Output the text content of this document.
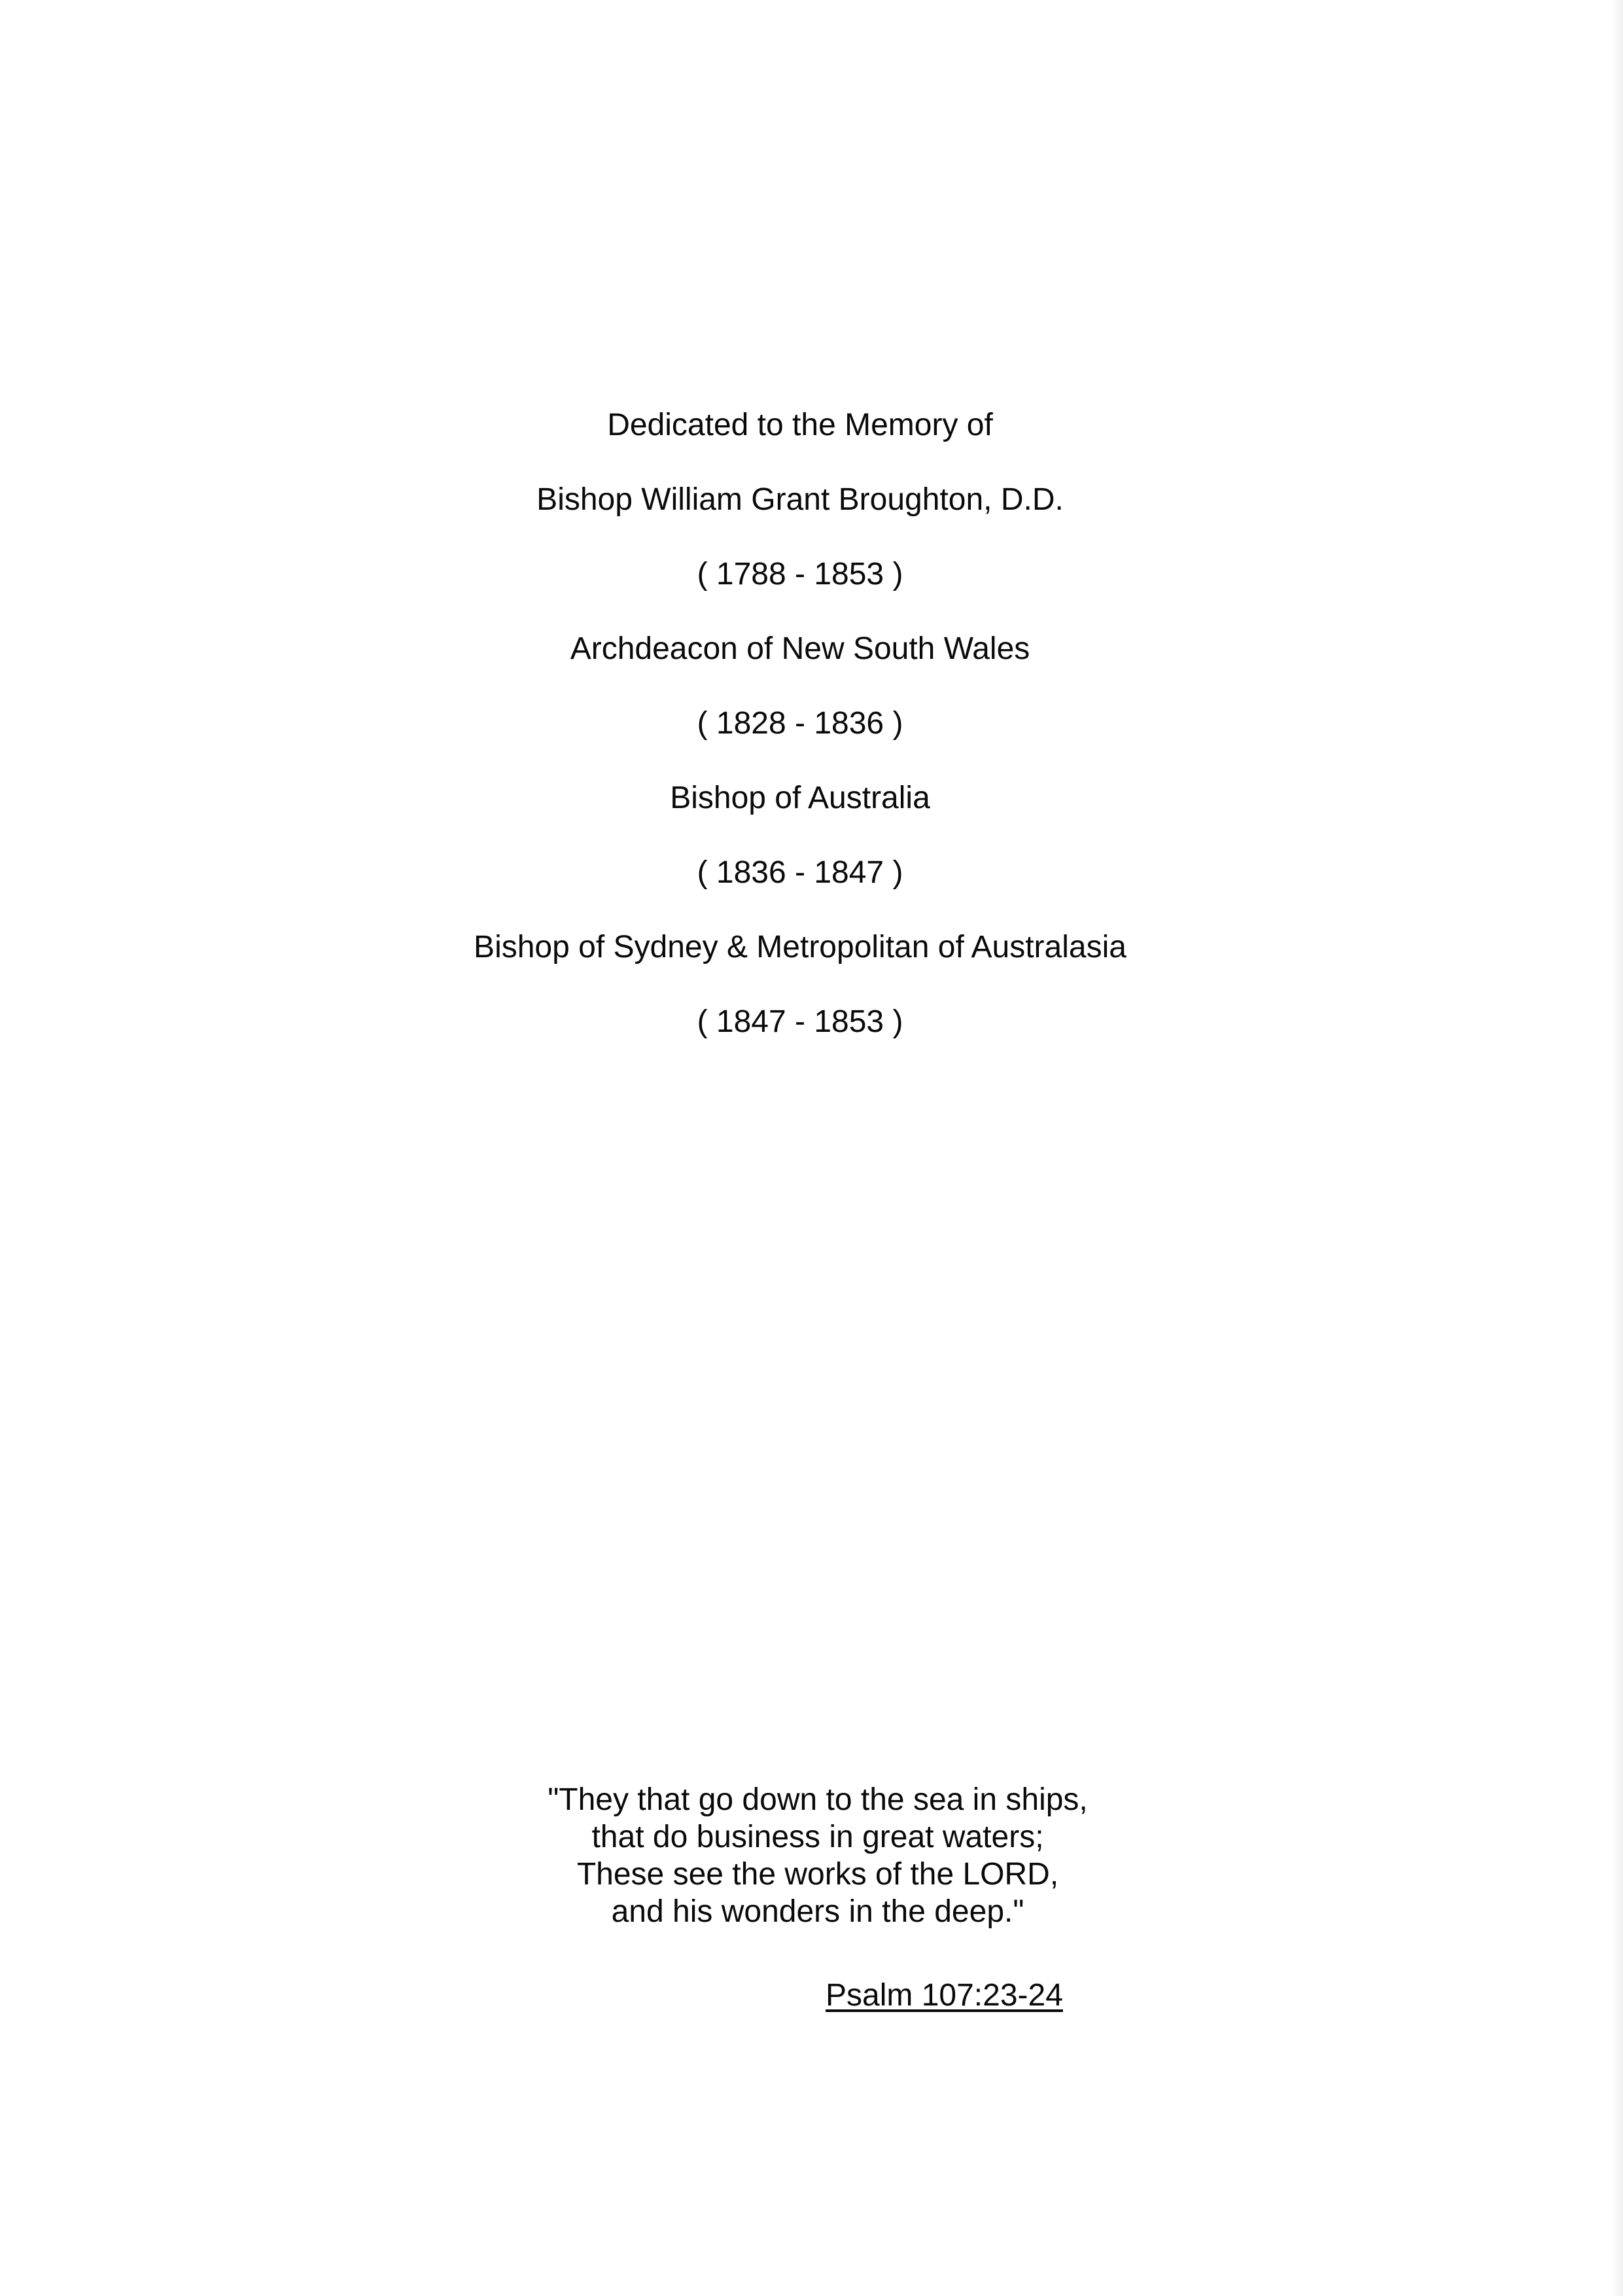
Dedicated to the Memory of
Bishop William Grant Broughton, D.D.
( 1788 - 1853 )
Archdeacon of New South Wales
( 1828 - 1836 )
Bishop of Australia
( 1836 - 1847 )
Bishop of Sydney & Metropolitan of Australasia
( 1847 - 1853 )
"They that go down to the sea in ships,
that do business in great waters;
These see the works of the LORD,
and his wonders in the deep."
Psalm 107:23-24
